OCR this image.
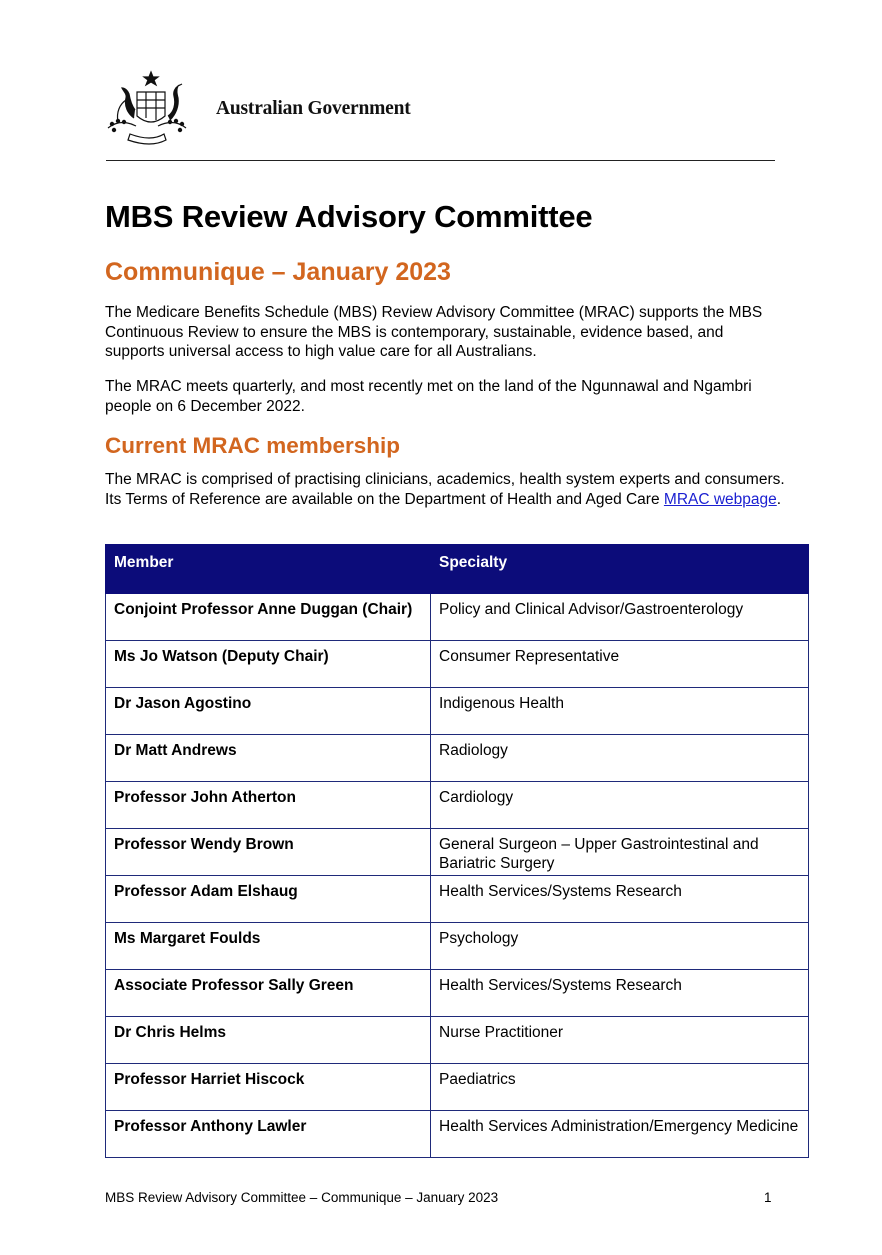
Australian Government
MBS Review Advisory Committee
Communique – January 2023

The Medicare Benefits Schedule (MBS) Review Advisory Committee (MRAC) supports the MBS Continuous Review to ensure the MBS is contemporary, sustainable, evidence based, and supports universal access to high value care for all Australians.

The MRAC meets quarterly, and most recently met on the land of the Ngunnawal and Ngambri people on 6 December 2022.

Current MRAC membership

The MRAC is comprised of practising clinicians, academics, health system experts and consumers. Its Terms of Reference are available on the Department of Health and Aged Care MRAC webpage.

Member	Specialty
Conjoint Professor Anne Duggan (Chair)	Policy and Clinical Advisor/Gastroenterology
Ms Jo Watson (Deputy Chair)	Consumer Representative
Dr Jason Agostino	Indigenous Health
Dr Matt Andrews	Radiology
Professor John Atherton	Cardiology
Professor Wendy Brown	General Surgeon – Upper Gastrointestinal and Bariatric Surgery
Professor Adam Elshaug	Health Services/Systems Research
Ms Margaret Foulds	Psychology
Associate Professor Sally Green	Health Services/Systems Research
Dr Chris Helms	Nurse Practitioner
Professor Harriet Hiscock	Paediatrics
Professor Anthony Lawler	Health Services Administration/Emergency Medicine
MBS Review Advisory Committee – Communique – January 2023	1
